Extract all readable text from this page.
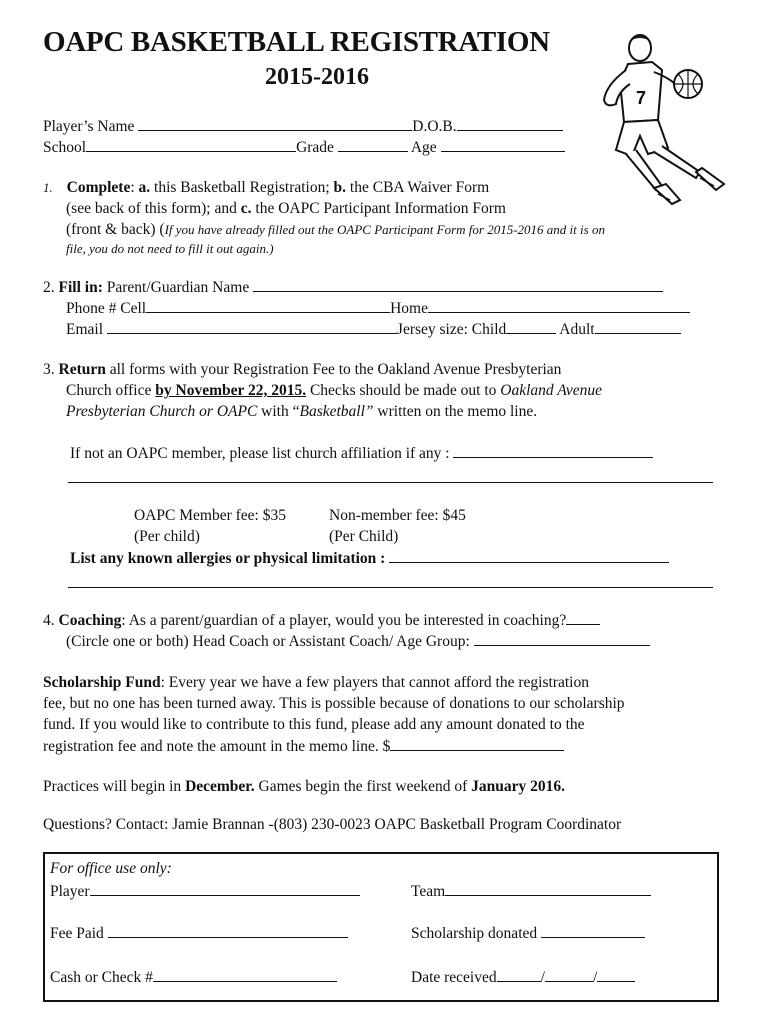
OAPC BASKETBALL REGISTRATION
2015-2016
7
Player’s Name	D.O.B.
School	Grade	Age
1. Complete: a. this Basketball Registration; b. the CBA Waiver Form
(see back of this form); and c. the OAPC Participant Information Form
(front & back) (If you have already filled out the OAPC Participant Form for 2015-2016 and it is on
file, you do not need to fill it out again.)
2. Fill in: Parent/Guardian Name
Phone # Cell	Home
Email	Jersey size: Child	Adult
3. Return all forms with your Registration Fee to the Oakland Avenue Presbyterian
Church office by November 22, 2015. Checks should be made out to Oakland Avenue
Presbyterian Church or OAPC with “Basketball” written on the memo line.
If not an OAPC member, please list church affiliation if any :
OAPC Member fee: $35	Non-member fee: $45
(Per child)	(Per Child)
List any known allergies or physical limitation :
4. Coaching: As a parent/guardian of a player, would you be interested in coaching?
(Circle one or both) Head Coach or Assistant Coach/ Age Group:
Scholarship Fund: Every year we have a few players that cannot afford the registration
fee, but no one has been turned away. This is possible because of donations to our scholarship
fund. If you would like to contribute to this fund, please add any amount donated to the
registration fee and note the amount in the memo line. $
Practices will begin in December. Games begin the first weekend of January 2016.
Questions? Contact: Jamie Brannan -(803) 230-0023 OAPC Basketball Program Coordinator
For office use only:
Player	Team
Fee Paid	Scholarship donated
Cash or Check #	Date received	/	/
